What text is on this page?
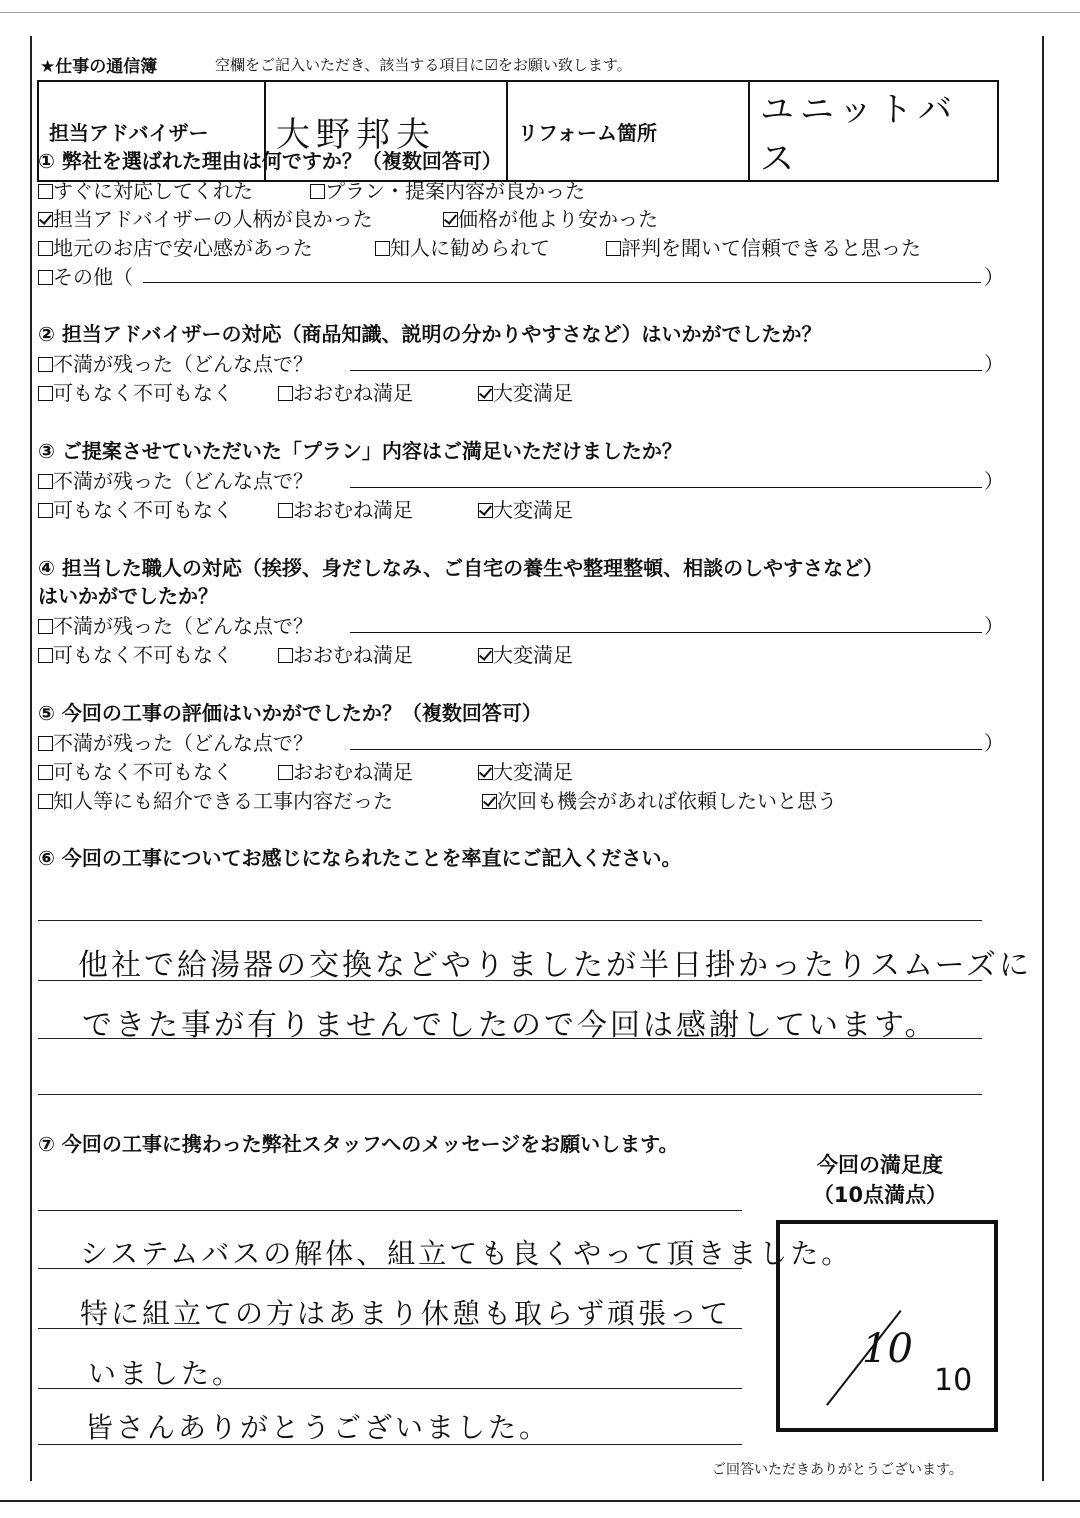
★仕事の通信簿	空欄をご記入いただき、該当する項目に☑をお願い致します。
担当アドバイザー	大野邦夫	リフォーム箇所	ユニットバス
① 弊社を選ばれた理由は何ですか？（複数回答可）
すぐに対応してくれた	プラン・提案内容が良かった
担当アドバイザーの人柄が良かった	価格が他より安かった
地元のお店で安心感があった	知人に勧められて	評判を聞いて信頼できると思った
その他（	）
② 担当アドバイザーの対応（商品知識、説明の分かりやすさなど）はいかがでしたか？
不満が残った（どんな点で？	）
可もなく不可もなく	おおむね満足	大変満足
③ ご提案させていただいた「プラン」内容はご満足いただけましたか？
不満が残った（どんな点で？	）
可もなく不可もなく	おおむね満足	大変満足
④ 担当した職人の対応（挨拶、身だしなみ、ご自宅の養生や整理整頓、相談のしやすさなど）
はいかがでしたか？
不満が残った（どんな点で？	）
可もなく不可もなく	おおむね満足	大変満足
⑤ 今回の工事の評価はいかがでしたか？（複数回答可）
不満が残った（どんな点で？	）
可もなく不可もなく	おおむね満足	大変満足
知人等にも紹介できる工事内容だった	次回も機会があれば依頼したいと思う
⑥ 今回の工事についてお感じになられたことを率直にご記入ください。
他社で給湯器の交換などやりましたが半日掛かったりスムーズに
できた事が有りませんでしたので今回は感謝しています。
⑦ 今回の工事に携わった弊社スタッフへのメッセージをお願いします。
システムバスの解体、組立ても良くやって頂きました。
特に組立ての方はあまり休憩も取らず頑張って
いました。
皆さんありがとうございました。
今回の満足度
（10点満点）
10
10
ご回答いただきありがとうございます。
